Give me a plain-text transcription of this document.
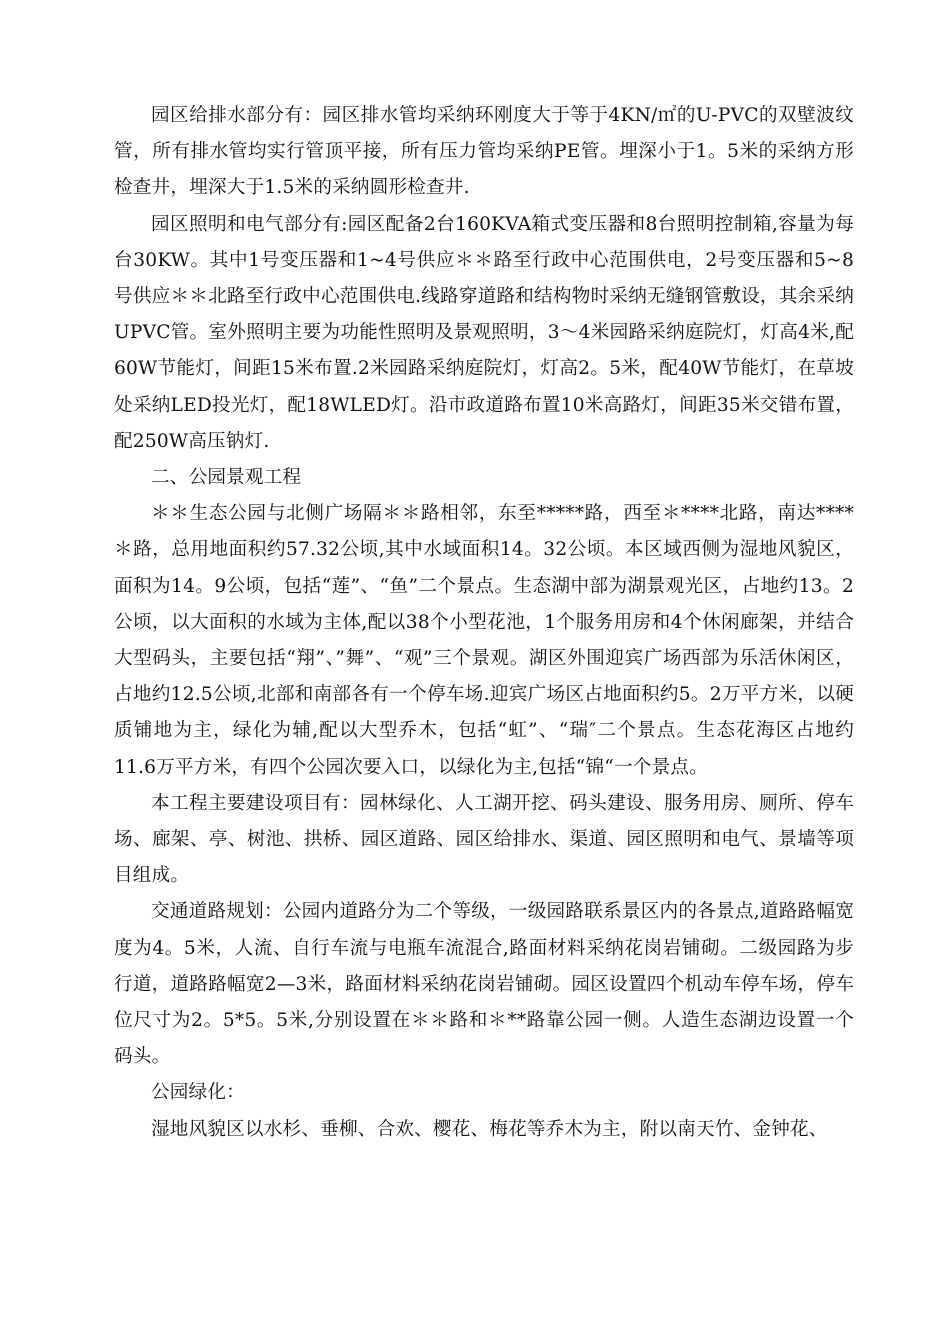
园区给排水部分有：园区排水管均采纳环刚度大于等于4KN/㎡的U-PVC的双壁波纹管，所有排水管均实行管顶平接，所有压力管均采纳PE管。埋深小于1。5米的采纳方形检查井，埋深大于1.5米的采纳圆形检查井.

园区照明和电气部分有:园区配备2台160KVA箱式变压器和8台照明控制箱,容量为每台30KW。其中1号变压器和1~4号供应＊＊路至行政中心范围供电，2号变压器和5~8号供应＊＊北路至行政中心范围供电.线路穿道路和结构物时采纳无缝钢管敷设，其余采纳UPVC管。室外照明主要为功能性照明及景观照明，3～4米园路采纳庭院灯，灯高4米,配60W节能灯，间距15米布置.2米园路采纳庭院灯，灯高2。5米，配40W节能灯，在草坡处采纳LED投光灯，配18WLED灯。沿市政道路布置10米高路灯，间距35米交错布置，配250W高压钠灯.

二、公园景观工程

＊＊生态公园与北侧广场隔＊＊路相邻，东至*****路，西至＊****北路，南达****＊路，总用地面积约57.32公顷,其中水域面积14。32公顷。本区域西侧为湿地风貌区，面积为14。9公顷，包括“莲”、“鱼”二个景点。生态湖中部为湖景观光区，占地约13。2公顷，以大面积的水域为主体,配以38个小型花池，1个服务用房和4个休闲廊架，并结合大型码头，主要包括“翔”、”舞”、“观”三个景观。湖区外围迎宾广场西部为乐活休闲区，占地约12.5公顷,北部和南部各有一个停车场.迎宾广场区占地面积约5。2万平方米，以硬质铺地为主，绿化为辅,配以大型乔木，包括“虹”、“瑞″二个景点。生态花海区占地约11.6万平方米，有四个公园次要入口，以绿化为主,包括“锦“一个景点。

本工程主要建设项目有：园林绿化、人工湖开挖、码头建设、服务用房、厕所、停车场、廊架、亭、树池、拱桥、园区道路、园区给排水、渠道、园区照明和电气、景墙等项目组成。

交通道路规划：公园内道路分为二个等级，一级园路联系景区内的各景点,道路路幅宽度为4。5米，人流、自行车流与电瓶车流混合,路面材料采纳花岗岩铺砌。二级园路为步行道，道路路幅宽2—3米，路面材料采纳花岗岩铺砌。园区设置四个机动车停车场，停车位尺寸为2。5*5。5米,分别设置在＊＊路和＊**路靠公园一侧。人造生态湖边设置一个码头。

公园绿化：

湿地风貌区以水杉、垂柳、合欢、樱花、梅花等乔木为主，附以南天竹、金钟花、
